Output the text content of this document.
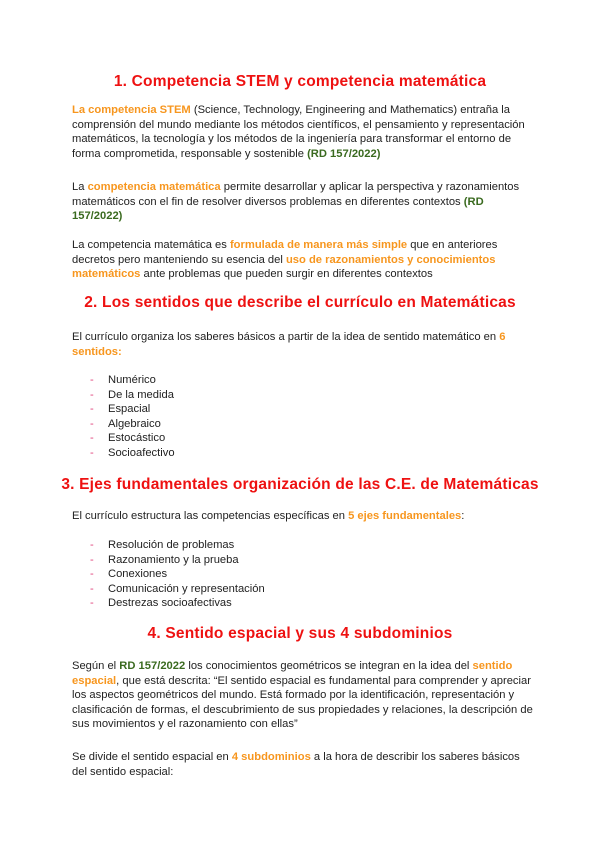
1. Competencia STEM y competencia matemática

La competencia STEM (Science, Technology, Engineering and Mathematics) entraña la comprensión del mundo mediante los métodos científicos, el pensamiento y representación matemáticos, la tecnología y los métodos de la ingeniería para transformar el entorno de forma comprometida, responsable y sostenible (RD 157/2022)

La competencia matemática permite desarrollar y aplicar la perspectiva y razonamientos matemáticos con el fin de resolver diversos problemas en diferentes contextos (RD 157/2022)

La competencia matemática es formulada de manera más simple que en anteriores decretos pero manteniendo su esencia del uso de razonamientos y conocimientos matemáticos ante problemas que pueden surgir en diferentes contextos

2. Los sentidos que describe el currículo en Matemáticas

El currículo organiza los saberes básicos a partir de la idea de sentido matemático en 6 sentidos:

- Numérico
- De la medida
- Espacial
- Algebraico
- Estocástico
- Socioafectivo
3. Ejes fundamentales organización de las C.E. de Matemáticas

El currículo estructura las competencias específicas en 5 ejes fundamentales:

- Resolución de problemas
- Razonamiento y la prueba
- Conexiones
- Comunicación y representación
- Destrezas socioafectivas
4. Sentido espacial y sus 4 subdominios

Según el RD 157/2022 los conocimientos geométricos se integran en la idea del sentido espacial, que está descrita: “El sentido espacial es fundamental para comprender y apreciar los aspectos geométricos del mundo. Está formado por la identificación, representación y clasificación de formas, el descubrimiento de sus propiedades y relaciones, la descripción de sus movimientos y el razonamiento con ellas”

Se divide el sentido espacial en 4 subdominios a la hora de describir los saberes básicos del sentido espacial:
